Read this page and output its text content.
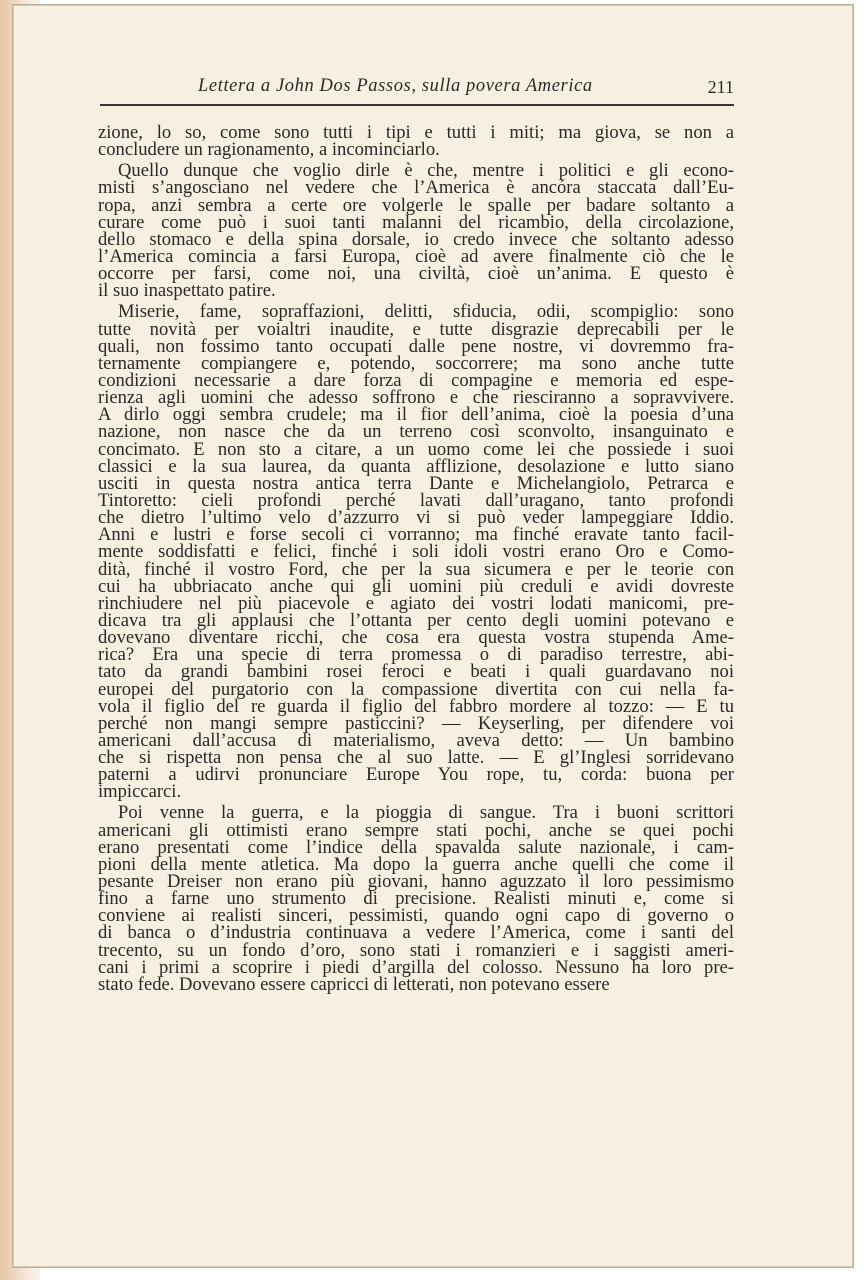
Lettera a John Dos Passos, sulla povera America	211
zione, lo so, come sono tutti i tipi e tutti i miti; ma giova, se non a
concludere un ragionamento, a incominciarlo.
Quello dunque che voglio dirle è che, mentre i politici e gli econo-
misti s’angosciano nel vedere che l’America è ancóra staccata dall’Eu-
ropa, anzi sembra a certe ore volgerle le spalle per badare soltanto a
curare come può i suoi tanti malanni del ricambio, della circolazione,
dello stomaco e della spina dorsale, io credo invece che soltanto adesso
l’America comincia a farsi Europa, cioè ad avere finalmente ciò che le
occorre per farsi, come noi, una civiltà, cioè un’anima. E questo è
il suo inaspettato patire.
Miserie, fame, sopraffazioni, delitti, sfiducia, odii, scompiglio: sono
tutte novità per voialtri inaudite, e tutte disgrazie deprecabili per le
quali, non fossimo tanto occupati dalle pene nostre, vi dovremmo fra-
ternamente compiangere e, potendo, soccorrere; ma sono anche tutte
condizioni necessarie a dare forza di compagine e memoria ed espe-
rienza agli uomini che adesso soffrono e che riesciranno a sopravvivere.
A dirlo oggi sembra crudele; ma il fior dell’anima, cioè la poesia d’una
nazione, non nasce che da un terreno così sconvolto, insanguinato e
concimato. E non sto a citare, a un uomo come lei che possiede i suoi
classici e la sua laurea, da quanta afflizione, desolazione e lutto siano
usciti in questa nostra antica terra Dante e Michelangiolo, Petrarca e
Tintoretto: cieli profondi perché lavati dall’uragano, tanto profondi
che dietro l’ultimo velo d’azzurro vi si può veder lampeggiare Iddio.
Anni e lustri e forse secoli ci vorranno; ma finché eravate tanto facil-
mente soddisfatti e felici, finché i soli idoli vostri erano Oro e Como-
dità, finché il vostro Ford, che per la sua sicumera e per le teorie con
cui ha ubbriacato anche qui gli uomini più creduli e avidi dovreste
rinchiudere nel più piacevole e agiato dei vostri lodati manicomi, pre-
dicava tra gli applausi che l’ottanta per cento degli uomini potevano e
dovevano diventare ricchi, che cosa era questa vostra stupenda Ame-
rica? Era una specie di terra promessa o di paradiso terrestre, abi-
tato da grandi bambini rosei feroci e beati i quali guardavano noi
europei del purgatorio con la compassione divertita con cui nella fa-
vola il figlio del re guarda il figlio del fabbro mordere al tozzo: — E tu
perché non mangi sempre pasticcini? — Keyserling, per difendere voi
americani dall’accusa di materialismo, aveva detto: — Un bambino
che si rispetta non pensa che al suo latte. — E gl’Inglesi sorridevano
paterni a udirvi pronunciare Europe You rope, tu, corda: buona per
impiccarci.
Poi venne la guerra, e la pioggia di sangue. Tra i buoni scrittori
americani gli ottimisti erano sempre stati pochi, anche se quei pochi
erano presentati come l’indice della spavalda salute nazionale, i cam-
pioni della mente atletica. Ma dopo la guerra anche quelli che come il
pesante Dreiser non erano più giovani, hanno aguzzato il loro pessimismo
fino a farne uno strumento di precisione. Realisti minuti e, come si
conviene ai realisti sinceri, pessimisti, quando ogni capo di governo o
di banca o d’industria continuava a vedere l’America, come i santi del
trecento, su un fondo d’oro, sono stati i romanzieri e i saggisti ameri-
cani i primi a scoprire i piedi d’argilla del colosso. Nessuno ha loro pre-
stato fede. Dovevano essere capricci di letterati, non potevano essere
